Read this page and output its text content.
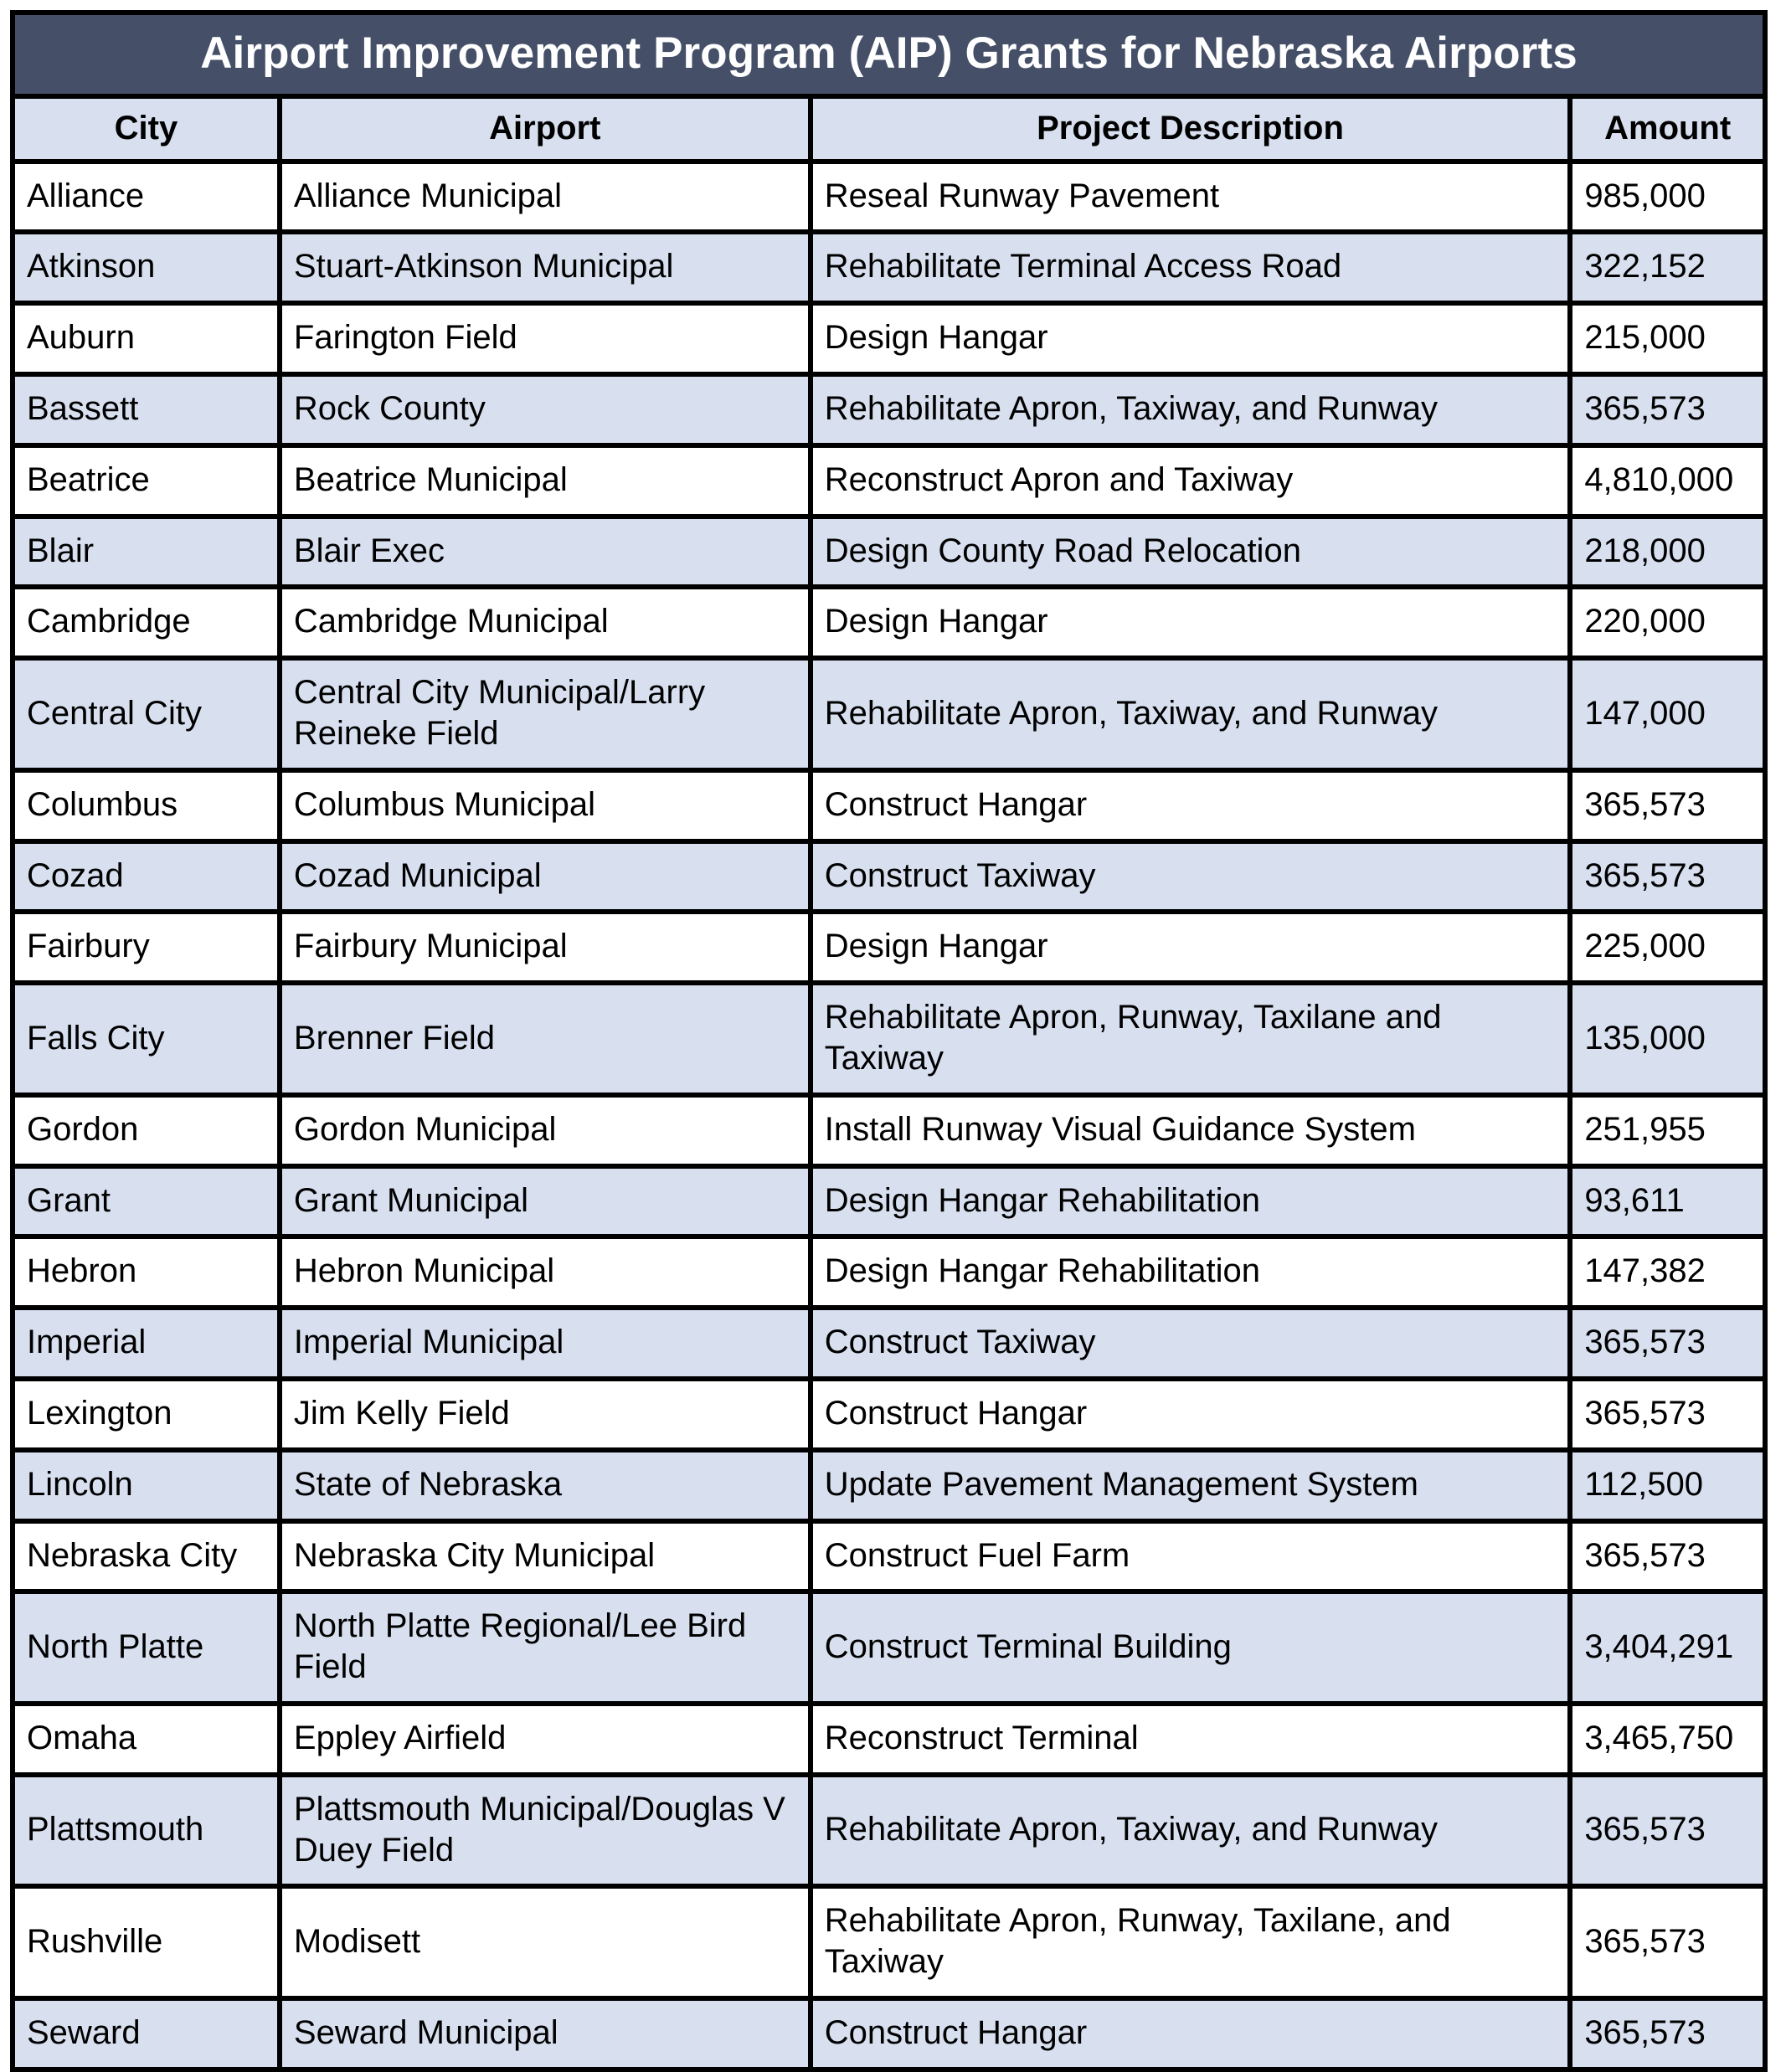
Airport Improvement Program (AIP) Grants for Nebraska Airports			
City	Airport	Project Description	Amount

Alliance	Alliance Municipal	Reseal Runway Pavement	985,000

Atkinson	Stuart-Atkinson Municipal	Rehabilitate Terminal Access Road	322,152

Auburn	Farington Field	Design Hangar	215,000

Bassett	Rock County	Rehabilitate Apron, Taxiway, and Runway	365,573

Beatrice	Beatrice Municipal	Reconstruct Apron and Taxiway	4,810,000

Blair	Blair Exec	Design County Road Relocation	218,000

Cambridge	Cambridge Municipal	Design Hangar	220,000

Central City	Central City Municipal/Larry Reineke Field	Rehabilitate Apron, Taxiway, and Runway	147,000

Columbus	Columbus Municipal	Construct Hangar	365,573

Cozad	Cozad Municipal	Construct Taxiway	365,573

Fairbury	Fairbury Municipal	Design Hangar	225,000

Falls City	Brenner Field	Rehabilitate Apron, Runway, Taxilane and Taxiway	135,000

Gordon	Gordon Municipal	Install Runway Visual Guidance System	251,955

Grant	Grant Municipal	Design Hangar Rehabilitation	93,611

Hebron	Hebron Municipal	Design Hangar Rehabilitation	147,382

Imperial	Imperial Municipal	Construct Taxiway	365,573

Lexington	Jim Kelly Field	Construct Hangar	365,573

Lincoln	State of Nebraska	Update Pavement Management System	112,500

Nebraska City	Nebraska City Municipal	Construct Fuel Farm	365,573

North Platte	North Platte Regional/Lee Bird Field	Construct Terminal Building	3,404,291

Omaha	Eppley Airfield	Reconstruct Terminal	3,465,750

Plattsmouth	Plattsmouth Municipal/Douglas V Duey Field	Rehabilitate Apron, Taxiway, and Runway	365,573

Rushville	Modisett	Rehabilitate Apron, Runway, Taxilane, and Taxiway	365,573

Seward	Seward Municipal	Construct Hangar	365,573
